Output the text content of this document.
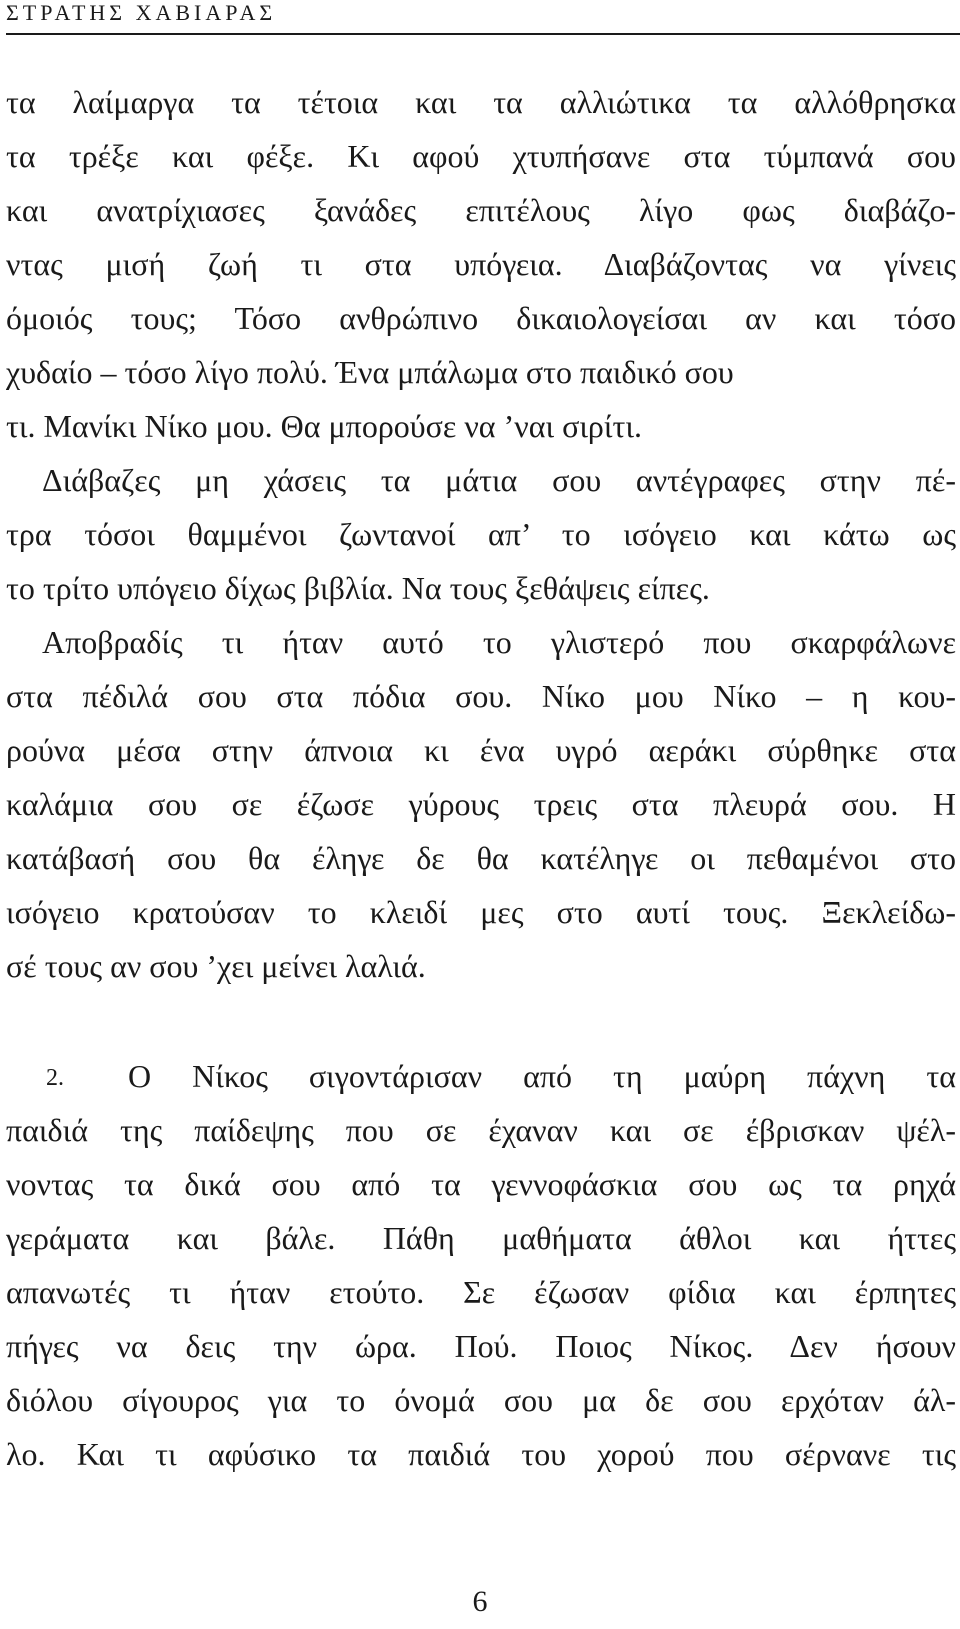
ΣΤΡΑΤΗΣ ΧΑΒΙΑΡΑΣ
τα λαίμαργα τα τέτοια και τα αλλιώτικα τα αλλόθρησκα
τα τρέξε και φέξε. Κι αφού χτυπήσανε στα τύμπανά σου
και ανατρίχιασες ξανάδες επιτέλους λίγο φως διαβάζο-
ντας μισή ζωή τι στα υπόγεια. Διαβάζοντας να γίνεις
όμοιός τους; Τόσο ανθρώπινο δικαιολογείσαι αν και τόσο
χυδαίο – τόσο λίγο πολύ. Ένα μπάλωμα στο παιδικό σου
τι. Μανίκι Νίκο μου. Θα μπορούσε να ’ναι σιρίτι.
Διάβαζες μη χάσεις τα μάτια σου αντέγραφες στην πέ-
τρα τόσοι θαμμένοι ζωντανοί απ’ το ισόγειο και κάτω ως
το τρίτο υπόγειο δίχως βιβλία. Να τους ξεθάψεις είπες.
Αποβραδίς τι ήταν αυτό το γλιστερό που σκαρφάλωνε
στα πέδιλά σου στα πόδια σου. Νίκο μου Νίκο – η κου-
ρούνα μέσα στην άπνοια κι ένα υγρό αεράκι σύρθηκε στα
καλάμια σου σε έζωσε γύρους τρεις στα πλευρά σου. Η
κατάβασή σου θα έληγε δε θα κατέληγε οι πεθαμένοι στο
ισόγειο κρατούσαν το κλειδί μες στο αυτί τους. Ξεκλείδω-
σέ τους αν σου ’χει μείνει λαλιά.
2. Ο Νίκος σιγοντάρισαν από τη μαύρη πάχνη τα
παιδιά της παίδεψης που σε έχαναν και σε έβρισκαν ψέλ-
νοντας τα δικά σου από τα γεννοφάσκια σου ως τα ρηχά
γεράματα και βάλε. Πάθη μαθήματα άθλοι και ήττες
απανωτές τι ήταν ετούτο. Σε έζωσαν φίδια και έρπητες
πήγες να δεις την ώρα. Πού. Ποιος Νίκος. Δεν ήσουν
διόλου σίγουρος για το όνομά σου μα δε σου ερχόταν άλ-
λο. Και τι αφύσικο τα παιδιά του χορού που σέρνανε τις
6
